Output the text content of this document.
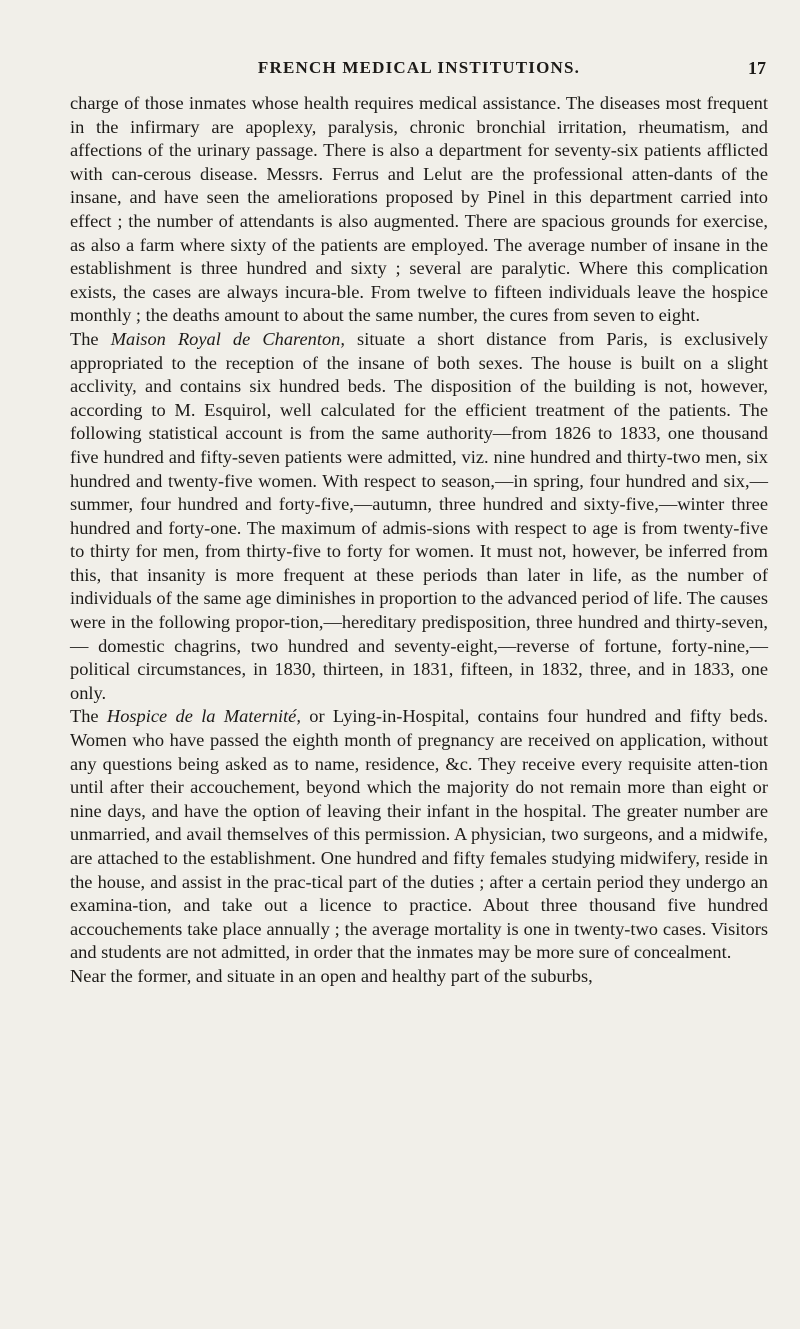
FRENCH MEDICAL INSTITUTIONS.	17

charge of those inmates whose health requires medical assistance. The diseases most frequent in the infirmary are apoplexy, paralysis, chronic bronchial irritation, rheumatism, and affections of the urinary passage. There is also a department for seventy-six patients afflicted with can-cerous disease. Messrs. Ferrus and Lelut are the professional atten-dants of the insane, and have seen the ameliorations proposed by Pinel in this department carried into effect ; the number of attendants is also augmented. There are spacious grounds for exercise, as also a farm where sixty of the patients are employed. The average number of insane in the establishment is three hundred and sixty ; several are paralytic. Where this complication exists, the cases are always incura-ble. From twelve to fifteen individuals leave the hospice monthly ; the deaths amount to about the same number, the cures from seven to eight.

The Maison Royal de Charenton, situate a short distance from Paris, is exclusively appropriated to the reception of the insane of both sexes. The house is built on a slight acclivity, and contains six hundred beds. The disposition of the building is not, however, according to M. Esquirol, well calculated for the efficient treatment of the patients. The following statistical account is from the same authority—from 1826 to 1833, one thousand five hundred and fifty-seven patients were admitted, viz. nine hundred and thirty-two men, six hundred and twenty-five women. With respect to season,—in spring, four hundred and six,— summer, four hundred and forty-five,—autumn, three hundred and sixty-five,—winter three hundred and forty-one. The maximum of admis-sions with respect to age is from twenty-five to thirty for men, from thirty-five to forty for women. It must not, however, be inferred from this, that insanity is more frequent at these periods than later in life, as the number of individuals of the same age diminishes in proportion to the advanced period of life. The causes were in the following propor-tion,—hereditary predisposition, three hundred and thirty-seven,— domestic chagrins, two hundred and seventy-eight,—reverse of fortune, forty-nine,—political circumstances, in 1830, thirteen, in 1831, fifteen, in 1832, three, and in 1833, one only.

The Hospice de la Maternité, or Lying-in-Hospital, contains four hundred and fifty beds. Women who have passed the eighth month of pregnancy are received on application, without any questions being asked as to name, residence, &c. They receive every requisite atten-tion until after their accouchement, beyond which the majority do not remain more than eight or nine days, and have the option of leaving their infant in the hospital. The greater number are unmarried, and avail themselves of this permission. A physician, two surgeons, and a midwife, are attached to the establishment. One hundred and fifty females studying midwifery, reside in the house, and assist in the prac-tical part of the duties ; after a certain period they undergo an examina-tion, and take out a licence to practice. About three thousand five hundred accouchements take place annually ; the average mortality is one in twenty-two cases. Visitors and students are not admitted, in order that the inmates may be more sure of concealment.

Near the former, and situate in an open and healthy part of the suburbs,
